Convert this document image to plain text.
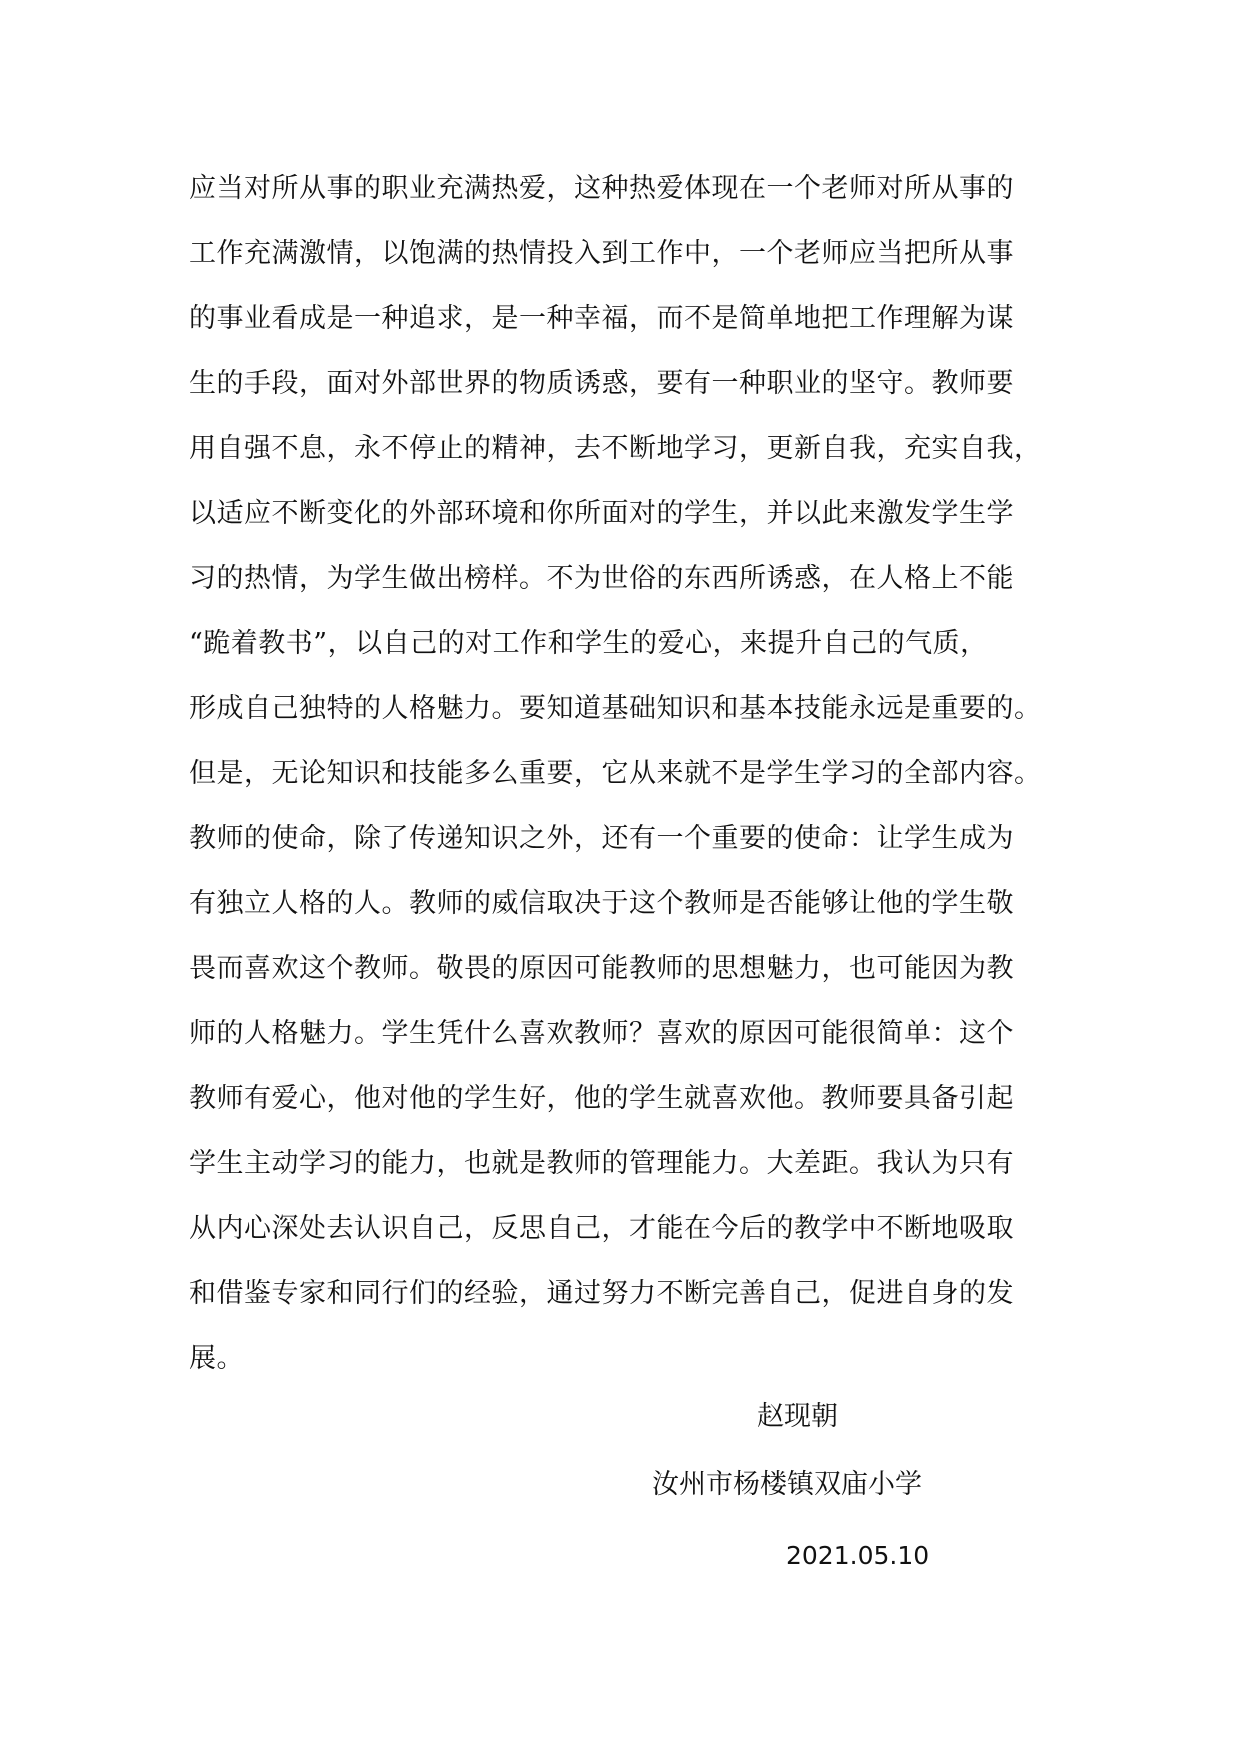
应当对所从事的职业充满热爱，这种热爱体现在一个老师对所从事的
工作充满激情，以饱满的热情投入到工作中，一个老师应当把所从事
的事业看成是一种追求，是一种幸福，而不是简单地把工作理解为谋
生的手段，面对外部世界的物质诱惑，要有一种职业的坚守。教师要
用自强不息，永不停止的精神，去不断地学习，更新自我，充实自我，
以适应不断变化的外部环境和你所面对的学生，并以此来激发学生学
习的热情，为学生做出榜样。不为世俗的东西所诱惑，在人格上不能
“跪着教书”，以自己的对工作和学生的爱心，来提升自己的气质，
形成自己独特的人格魅力。要知道基础知识和基本技能永远是重要的。
但是，无论知识和技能多么重要，它从来就不是学生学习的全部内容。
教师的使命，除了传递知识之外，还有一个重要的使命：让学生成为
有独立人格的人。教师的威信取决于这个教师是否能够让他的学生敬
畏而喜欢这个教师。敬畏的原因可能教师的思想魅力，也可能因为教
师的人格魅力。学生凭什么喜欢教师？喜欢的原因可能很简单：这个
教师有爱心，他对他的学生好，他的学生就喜欢他。教师要具备引起
学生主动学习的能力，也就是教师的管理能力。大差距。我认为只有
从内心深处去认识自己，反思自己，才能在今后的教学中不断地吸取
和借鉴专家和同行们的经验，通过努力不断完善自己，促进自身的发
展。
赵现朝
汝州市杨楼镇双庙小学
2021.05.10
